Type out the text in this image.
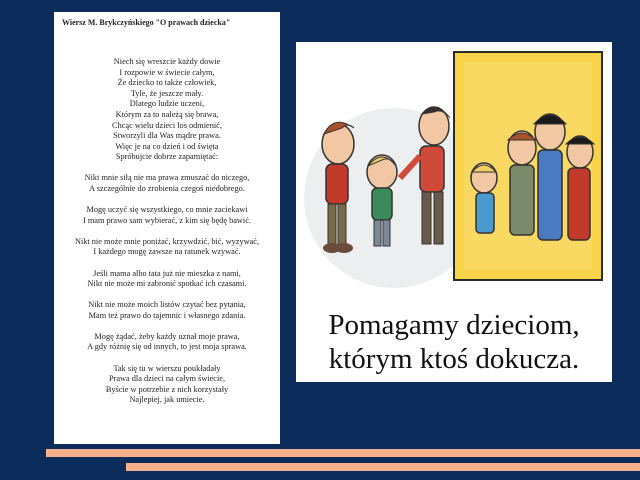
Wiersz M. Brykczyńskiego "O prawach dziecka"
Niech się wreszcie każdy dowie
I rozpowie w świecie całym,
Że dziecko to także człowiek,
Tyle, że jeszcze mały.
Dlatego ludzie uczeni,
Którym za to należą się brawa,
Chcąc wielu dzieci los odmienić,
Stworzyli dla Was mądre prawa.
Więc je na co dzień i od święta
Spróbujcie dobrze zapamiętać:
Nikt mnie siłą nie ma prawa zmuszać do niczego,
A szczególnie do zrobienia czegoś niedobrego.
Mogę uczyć się wszystkiego, co mnie zaciekawi
I mam prawo sam wybierać, z kim się będę bawić.
Nikt nie może mnie poniżać, krzywdzić, bić, wyzywać,
I każdego mogę zawsze na ratunek wzywać.
Jeśli mama albo tata już nie mieszka z nami,
Nikt nie może mi zabronić spotkać ich czasami.
Nikt nie może moich listów czytać bez pytania,
Mam też prawo do tajemnic i własnego zdania.
Mogę żądać, żeby każdy uznał moje prawa,
A gdy różnię się od innych, to jest moja sprawa.
Tak się tu w wierszu poukładały
Prawa dla dzieci na całym świecie,
Byście w potrzebie z nich korzystały
Najlepiej, jak umiecie.
Pomagamy dzieciom,
którym ktoś dokucza.
